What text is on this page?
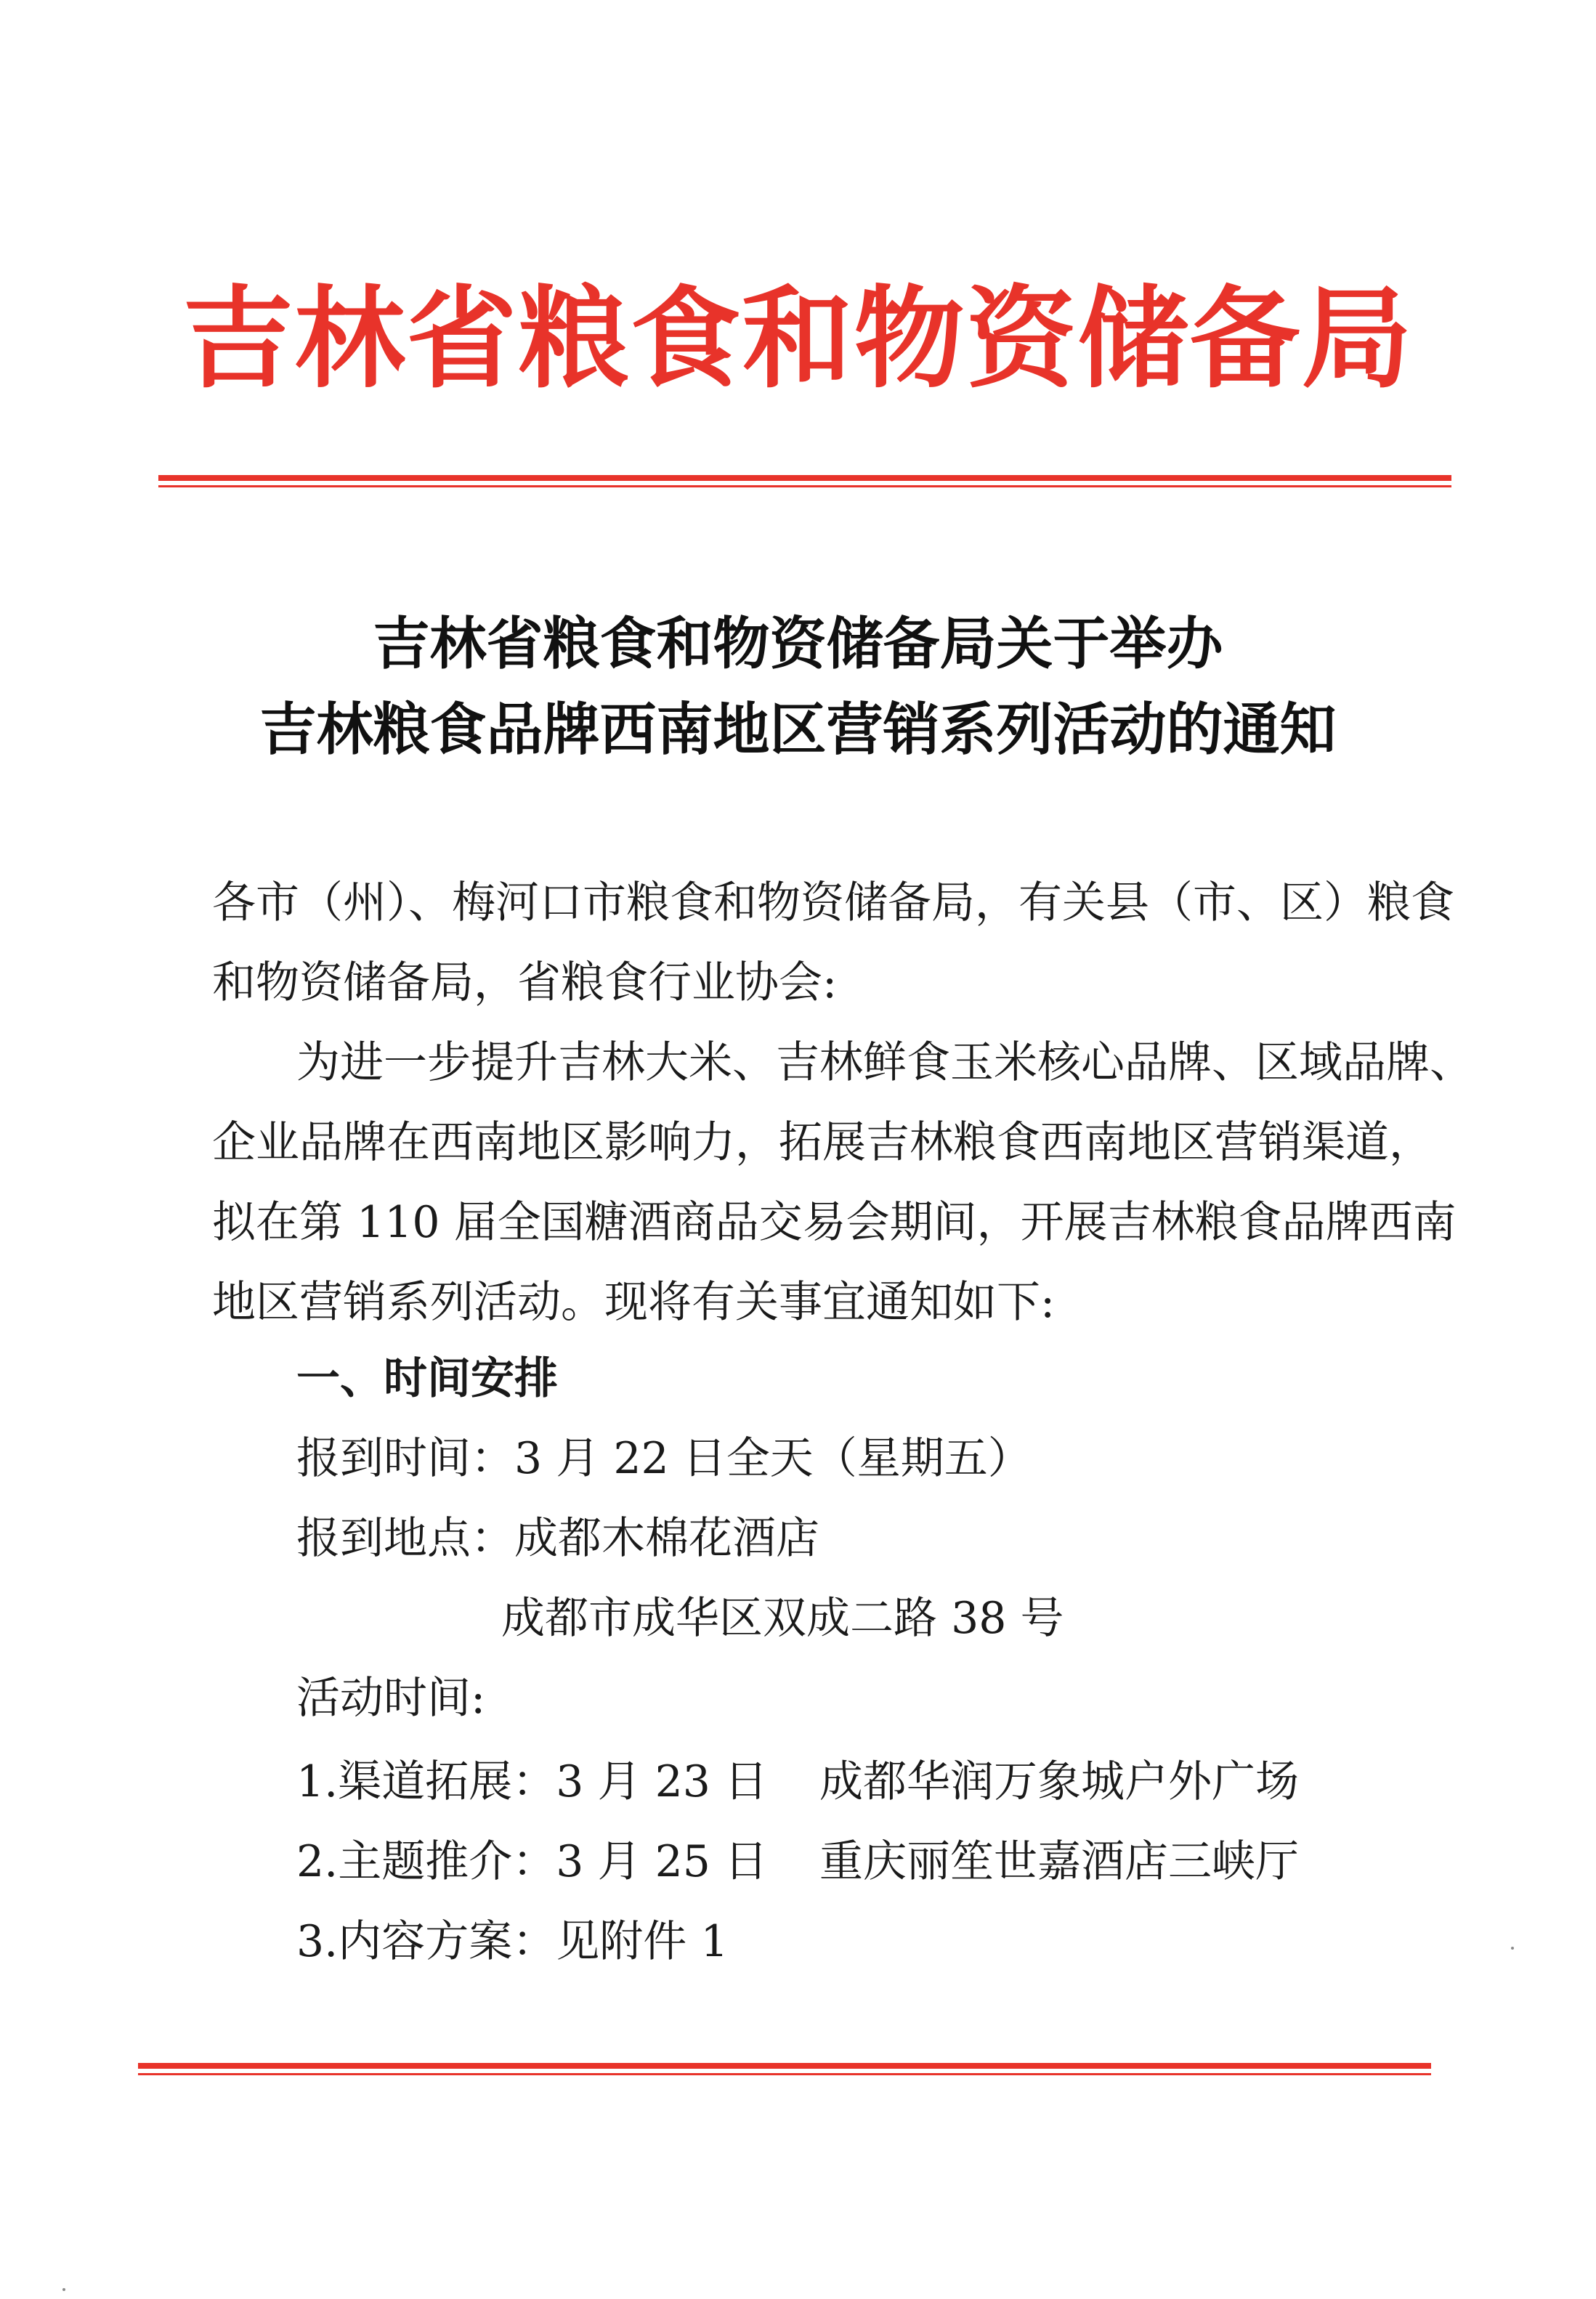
吉林省粮食和物资储备局
吉林省粮食和物资储备局关于举办
吉林粮食品牌西南地区营销系列活动的通知
各市（州）、梅河口市粮食和物资储备局，有关县（市、区）粮食
和物资储备局，省粮食行业协会:
为进一步提升吉林大米、吉林鲜食玉米核心品牌、区域品牌、
企业品牌在西南地区影响力，拓展吉林粮食西南地区营销渠道，
拟在第 110 届全国糖酒商品交易会期间，开展吉林粮食品牌西南
地区营销系列活动。现将有关事宜通知如下:
一、时间安排
报到时间：3 月 22 日全天（星期五）
报到地点：成都木棉花酒店
成都市成华区双成二路 38 号
活动时间:
1.渠道拓展：3 月 23 日 成都华润万象城户外广场
2.主题推介：3 月 25 日 重庆丽笙世嘉酒店三峡厅
3.内容方案：见附件 1
